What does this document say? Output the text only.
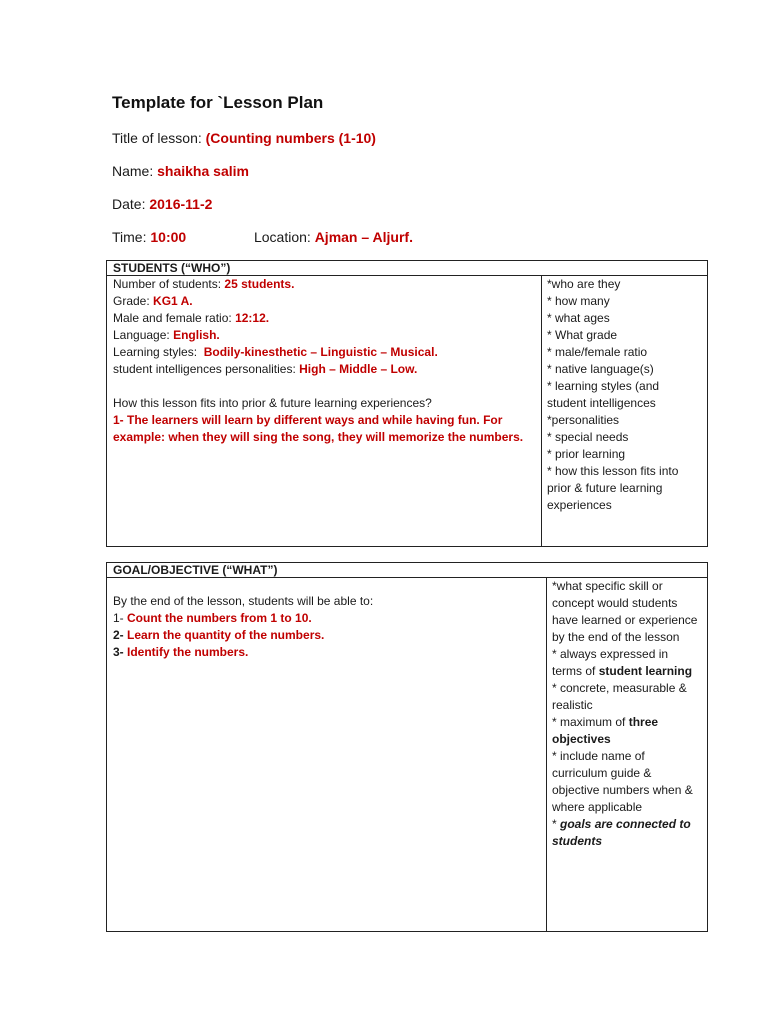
Template for `Lesson Plan
Title of lesson: (Counting numbers (1-10)
Name: shaikha salim
Date: 2016-11-2
Time: 10:00	Location: Ajman – Aljurf.
STUDENTS (“WHO”)

Number of students: 25 students.
Grade: KG1 A.
Male and female ratio: 12:12.
Language: English.
Learning styles: Bodily-kinesthetic – Linguistic – Musical.
student intelligences personalities: High – Middle – Low.
How this lesson fits into prior & future learning experiences?
1- The learners will learn by different ways and while having fun. For example: when they will sing the song, they will memorize the numbers.

*who are they
* how many
* what ages
* What grade
* male/female ratio
* native language(s)
* learning styles (and student intelligences
*personalities
* special needs
* prior learning
* how this lesson fits into prior & future learning experiences
GOAL/OBJECTIVE (“WHAT”)

By the end of the lesson, students will be able to:
1- Count the numbers from 1 to 10.
2- Learn the quantity of the numbers.
3- Identify the numbers.

*what specific skill or concept would students have learned or experience by the end of the lesson
* always expressed in terms of student learning
* concrete, measurable & realistic
* maximum of three objectives
* include name of curriculum guide & objective numbers when & where applicable
* goals are connected to students
